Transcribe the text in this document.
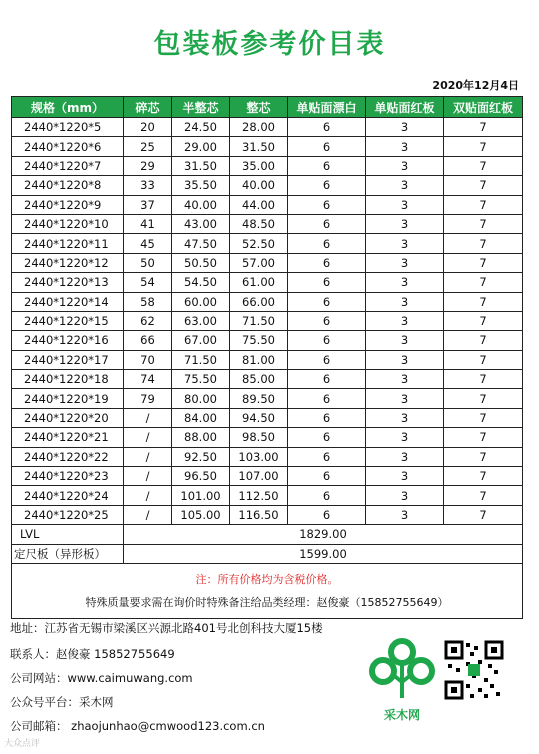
包装板参考价目表
2020年12月4日
规格（mm）	碎芯	半整芯	整芯	单贴面漂白	单贴面红板	双贴面红板
2440*1220*5	20	24.50	28.00	6	3	7
2440*1220*6	25	29.00	31.50	6	3	7
2440*1220*7	29	31.50	35.00	6	3	7
2440*1220*8	33	35.50	40.00	6	3	7
2440*1220*9	37	40.00	44.00	6	3	7
2440*1220*10	41	43.00	48.50	6	3	7
2440*1220*11	45	47.50	52.50	6	3	7
2440*1220*12	50	50.50	57.00	6	3	7
2440*1220*13	54	54.50	61.00	6	3	7
2440*1220*14	58	60.00	66.00	6	3	7
2440*1220*15	62	63.00	71.50	6	3	7
2440*1220*16	66	67.00	75.50	6	3	7
2440*1220*17	70	71.50	81.00	6	3	7
2440*1220*18	74	75.50	85.00	6	3	7
2440*1220*19	79	80.00	89.50	6	3	7
2440*1220*20	/	84.00	94.50	6	3	7
2440*1220*21	/	88.00	98.50	6	3	7
2440*1220*22	/	92.50	103.00	6	3	7
2440*1220*23	/	96.50	107.00	6	3	7
2440*1220*24	/	101.00	112.50	6	3	7
2440*1220*25	/	105.00	116.50	6	3	7
LVL	1829.00					
定尺板（异形板）	1599.00					

注：所有价格均为含税价格。
特殊质量要求需在询价时特殊备注给品类经理：赵俊豪（15852755649）						
地址：江苏省无锡市梁溪区兴源北路401号北创科技大厦15楼
联系人：赵俊豪 15852755649
公司网站：www.caimuwang.com
公众号平台：采木网
公司邮箱： zhaojunhao@cmwood123.com.cn
采木网
大众点评
